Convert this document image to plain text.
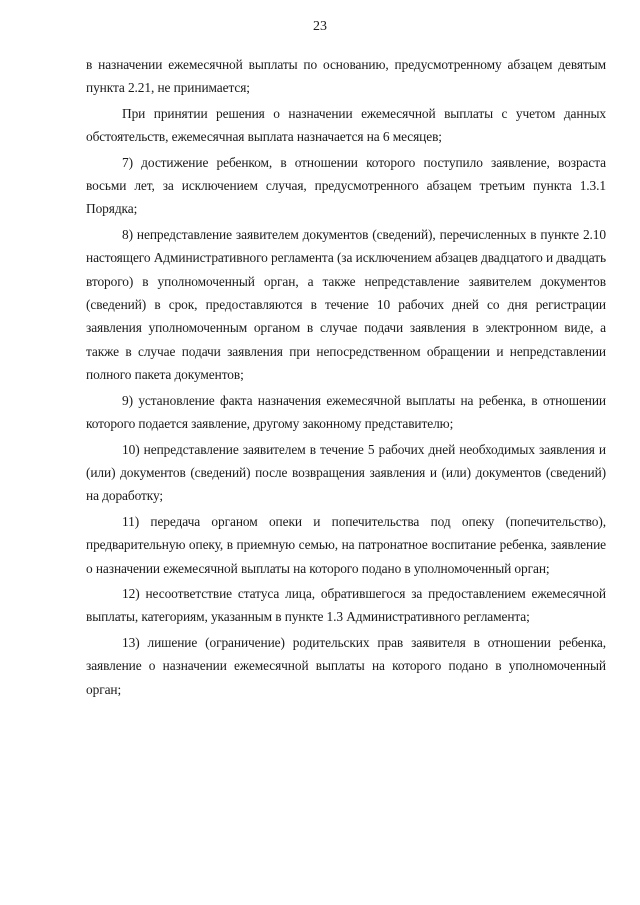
23

в назначении ежемесячной выплаты по основанию, предусмотренному абзацем девятым пункта 2.21, не принимается;

При принятии решения о назначении ежемесячной выплаты с учетом данных обстоятельств, ежемесячная выплата назначается на 6 месяцев;

7) достижение ребенком, в отношении которого поступило заявление, возраста восьми лет, за исключением случая, предусмотренного абзацем третьим пункта 1.3.1 Порядка;

8) непредставление заявителем документов (сведений), перечисленных в пункте 2.10 настоящего Административного регламента (за исключением абзацев двадцатого и двадцать второго) в уполномоченный орган, а также непредставление заявителем документов (сведений) в срок, предоставляются в течение 10 рабочих дней со дня регистрации заявления уполномоченным органом в случае подачи заявления в электронном виде, а также в случае подачи заявления при непосредственном обращении и непредставлении полного пакета документов;

9) установление факта назначения ежемесячной выплаты на ребенка, в отношении которого подается заявление, другому законному представителю;

10) непредставление заявителем в течение 5 рабочих дней необходимых заявления и (или) документов (сведений) после возвращения заявления и (или) документов (сведений) на доработку;

11) передача органом опеки и попечительства под опеку (попечительство), предварительную опеку, в приемную семью, на патронатное воспитание ребенка, заявление о назначении ежемесячной выплаты на которого подано в уполномоченный орган;

12) несоответствие статуса лица, обратившегося за предоставлением ежемесячной выплаты, категориям, указанным в пункте 1.3 Административного регламента;

13) лишение (ограничение) родительских прав заявителя в отношении ребенка, заявление о назначении ежемесячной выплаты на которого подано в уполномоченный орган;
